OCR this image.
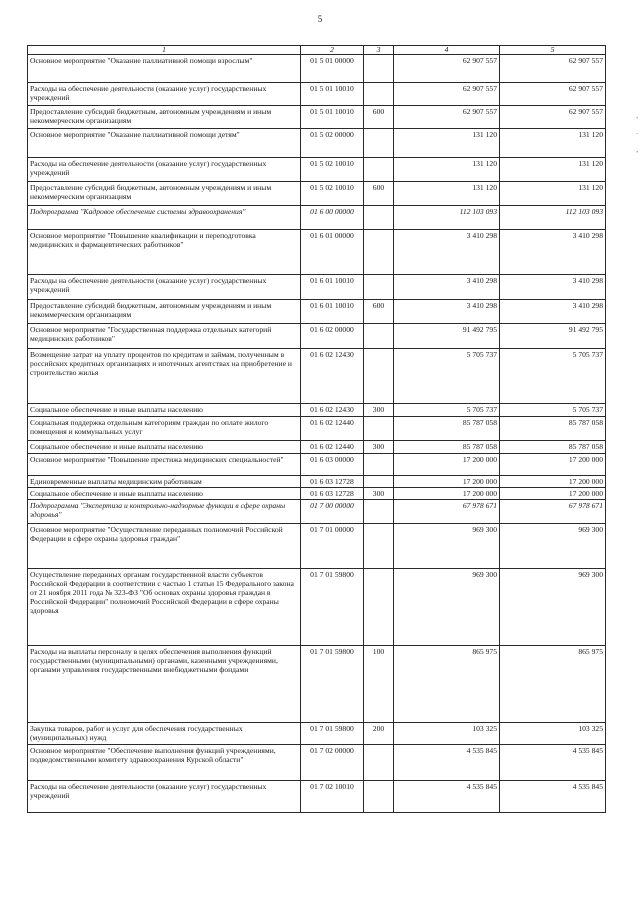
5
,
.
,
1	2	3	4	5
Основное мероприятие "Оказание паллиативной помощи взрослым"	01 5 01 00000		62 907 557	62 907 557
Расходы на обеспечение деятельности (оказание услуг) государственных учреждений	01 5 01 10010		62 907 557	62 907 557
Предоставление субсидий бюджетным, автономным учреждениям и иным некоммерческим организациям	01 5 01 10010	600	62 907 557	62 907 557
Основное мероприятие "Оказание паллиативной помощи детям"	01 5 02 00000		131 120	131 120
Расходы на обеспечение деятельности (оказание услуг) государственных учреждений	01 5 02 10010		131 120	131 120
Предоставление субсидий бюджетным, автономным учреждениям и иным некоммерческим организациям	01 5 02 10010	600	131 120	131 120
Подпрограмма "Кадровое обеспечение системы здравоохранения"	01 6 00 00000		112 103 093	112 103 093
Основное мероприятие "Повышение квалификации и переподготовка медицинских и фармацевтических работников"	01 6 01 00000		3 410 298	3 410 298
Расходы на обеспечение деятельности (оказание услуг) государственных учреждений	01 6 01 10010		3 410 298	3 410 298
Предоставление субсидий бюджетным, автономным учреждениям и иным некоммерческим организациям	01 6 01 10010	600	3 410 298	3 410 298
Основное мероприятие "Государственная поддержка отдельных категорий медицинских работников"	01 6 02 00000		91 492 795	91 492 795
Возмещение затрат на уплату процентов по кредитам и займам, полученным в российских кредитных организациях и ипотечных агентствах на приобретение и строительство жилья	01 6 02 12430		5 705 737	5 705 737
Социальное обеспечение и иные выплаты населению	01 6 02 12430	300	5 705 737	5 705 737
Социальная поддержка отдельным категориям граждан по оплате жилого помещения и коммунальных услуг	01 6 02 12440		85 787 058	85 787 058
Социальное обеспечение и иные выплаты населению	01 6 02 12440	300	85 787 058	85 787 058
Основное мероприятие "Повышение престижа медицинских специальностей"	01 6 03 00000		17 200 000	17 200 000
Единовременные выплаты медицинским работникам	01 6 03 12728		17 200 000	17 200 000
Социальное обеспечение и иные выплаты населению	01 6 03 12728	300	17 200 000	17 200 000
Подпрограмма "Экспертиза и контрольно-надзорные функции в сфере охраны здоровья"	01 7 00 00000		67 978 671	67 978 671
Основное мероприятие "Осуществление переданных полномочий Российской Федерации в сфере охраны здоровья граждан"	01 7 01 00000		969 300	969 300
Осуществление переданных органам государственной власти субъектов Российской Федерации в соответствии с частью 1 статьи 15 Федерального закона от 21 ноября 2011 года № 323-ФЗ "Об основах охраны здоровья граждан в Российской Федерации" полномочий Российской Федерации в сфере охраны здоровья	01 7 01 59800		969 300	969 300
Расходы на выплаты персоналу в целях обеспечения выполнения функций государственными (муниципальными) органами, казенными учреждениями, органами управления государственными внебюджетными фондами	01 7 01 59800	100	865 975	865 975
Закупка товаров, работ и услуг для обеспечения государственных (муниципальных) нужд	01 7 01 59800	200	103 325	103 325
Основное мероприятие "Обеспечение выполнения функций учреждениями, подведомственными комитету здравоохранения Курской области"	01 7 02 00000		4 535 845	4 535 845
Расходы на обеспечение деятельности (оказание услуг) государственных учреждений	01 7 02 10010		4 535 845	4 535 845
